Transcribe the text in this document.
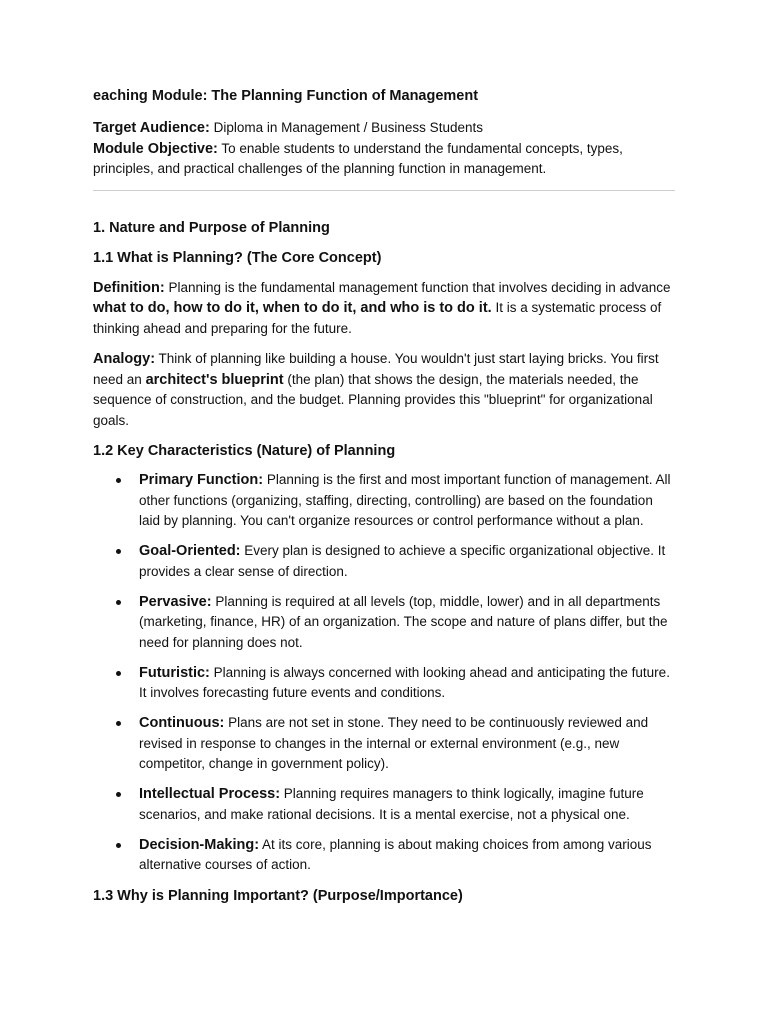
eaching Module: The Planning Function of Management

Target Audience: Diploma in Management / Business Students

Module Objective: To enable students to understand the fundamental concepts, types, principles, and practical challenges of the planning function in management.

1. Nature and Purpose of Planning
1.1 What is Planning? (The Core Concept)

Definition: Planning is the fundamental management function that involves deciding in advance what to do, how to do it, when to do it, and who is to do it. It is a systematic process of thinking ahead and preparing for the future.

Analogy: Think of planning like building a house. You wouldn't just start laying bricks. You first need an architect's blueprint (the plan) that shows the design, the materials needed, the sequence of construction, and the budget. Planning provides this "blueprint" for organizational goals.

1.2 Key Characteristics (Nature) of Planning
Primary Function: Planning is the first and most important function of management. All other functions (organizing, staffing, directing, controlling) are based on the foundation laid by planning. You can't organize resources or control performance without a plan.
Goal-Oriented: Every plan is designed to achieve a specific organizational objective. It provides a clear sense of direction.
Pervasive: Planning is required at all levels (top, middle, lower) and in all departments (marketing, finance, HR) of an organization. The scope and nature of plans differ, but the need for planning does not.
Futuristic: Planning is always concerned with looking ahead and anticipating the future. It involves forecasting future events and conditions.
Continuous: Plans are not set in stone. They need to be continuously reviewed and revised in response to changes in the internal or external environment (e.g., new competitor, change in government policy).
Intellectual Process: Planning requires managers to think logically, imagine future scenarios, and make rational decisions. It is a mental exercise, not a physical one.
Decision-Making: At its core, planning is about making choices from among various alternative courses of action.
1.3 Why is Planning Important? (Purpose/Importance)
